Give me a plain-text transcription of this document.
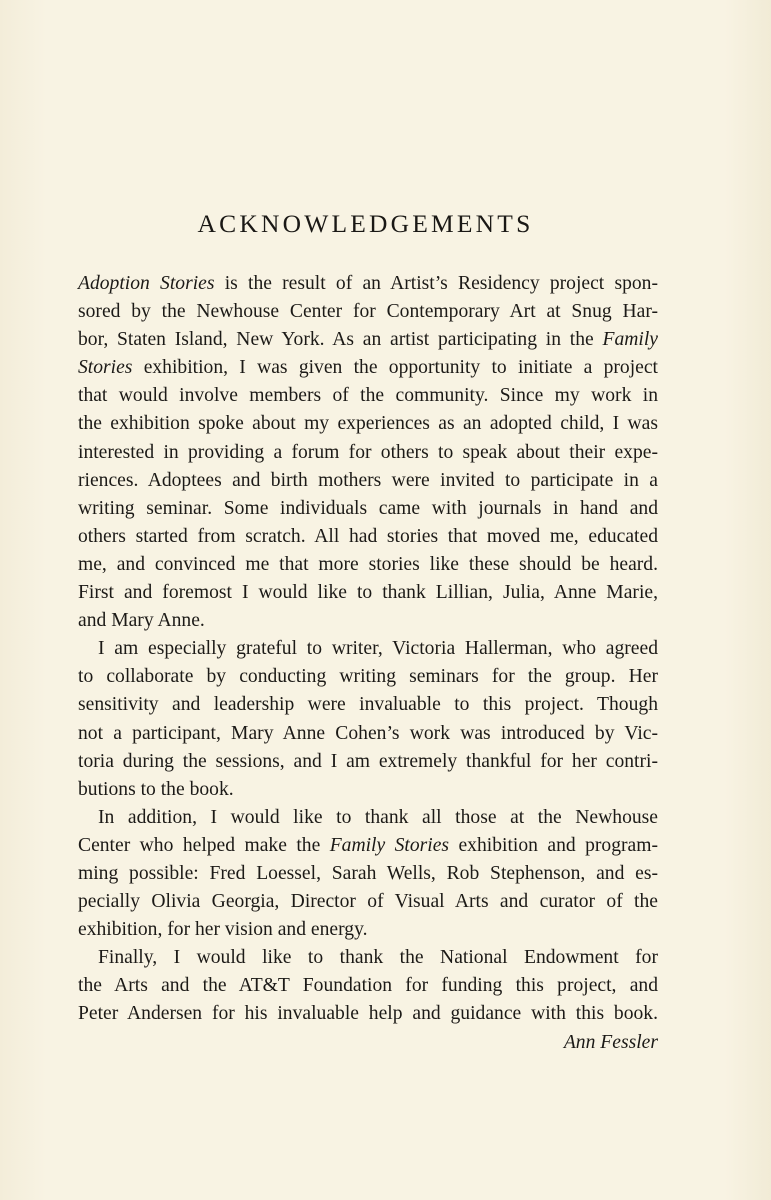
ACKNOWLEDGEMENTS
Adoption Stories is the result of an Artist’s Residency project spon-
sored by the Newhouse Center for Contemporary Art at Snug Har-
bor, Staten Island, New York. As an artist participating in the Family
Stories exhibition, I was given the opportunity to initiate a project
that would involve members of the community. Since my work in
the exhibition spoke about my experiences as an adopted child, I was
interested in providing a forum for others to speak about their expe-
riences. Adoptees and birth mothers were invited to participate in a
writing seminar. Some individuals came with journals in hand and
others started from scratch. All had stories that moved me, educated
me, and convinced me that more stories like these should be heard.
First and foremost I would like to thank Lillian, Julia, Anne Marie,
and Mary Anne.
I am especially grateful to writer, Victoria Hallerman, who agreed
to collaborate by conducting writing seminars for the group. Her
sensitivity and leadership were invaluable to this project. Though
not a participant, Mary Anne Cohen’s work was introduced by Vic-
toria during the sessions, and I am extremely thankful for her contri-
butions to the book.
In addition, I would like to thank all those at the Newhouse
Center who helped make the Family Stories exhibition and program-
ming possible: Fred Loessel, Sarah Wells, Rob Stephenson, and es-
pecially Olivia Georgia, Director of Visual Arts and curator of the
exhibition, for her vision and energy.
Finally, I would like to thank the National Endowment for
the Arts and the AT&T Foundation for funding this project, and
Peter Andersen for his invaluable help and guidance with this book.
Ann Fessler
